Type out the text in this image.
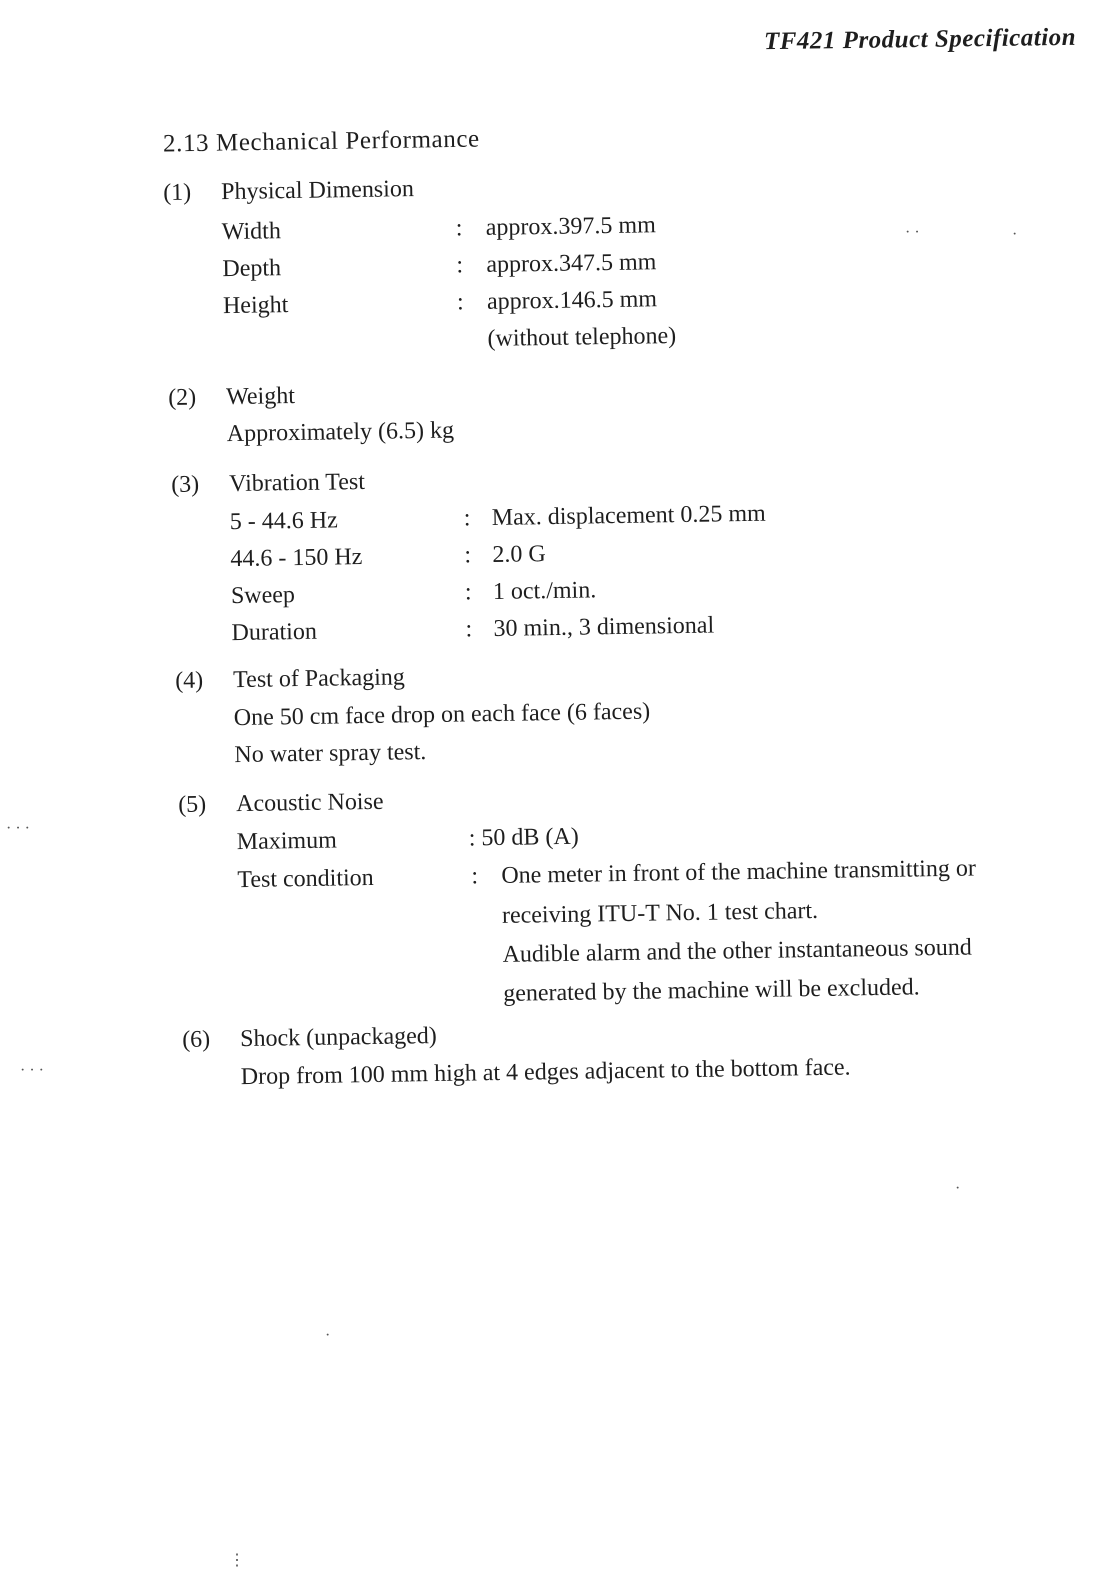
TF421 Product Specification
2.13 Mechanical Performance
(1) Physical Dimension
Width	: approx.397.5 mm
Depth	: approx.347.5 mm
Height	: approx.146.5 mm
(without telephone)
(2) Weight
Approximately (6.5) kg
(3) Vibration Test
5 - 44.6 Hz	: Max. displacement 0.25 mm
44.6 - 150 Hz	: 2.0 G
Sweep	: 1 oct./min.
Duration	: 30 min., 3 dimensional
(4) Test of Packaging
One 50 cm face drop on each face (6 faces)
No water spray test.
(5) Acoustic Noise
Maximum	: 50 dB (A)
Test condition	: One meter in front of the machine transmitting or
receiving ITU-T No. 1 test chart.
Audible alarm and the other instantaneous sound
generated by the machine will be excluded.
(6) Shock (unpackaged)
Drop from 100 mm high at 4 edges adjacent to the bottom face.
· ·	·
· · ·
· · ·
·
·
⋮
